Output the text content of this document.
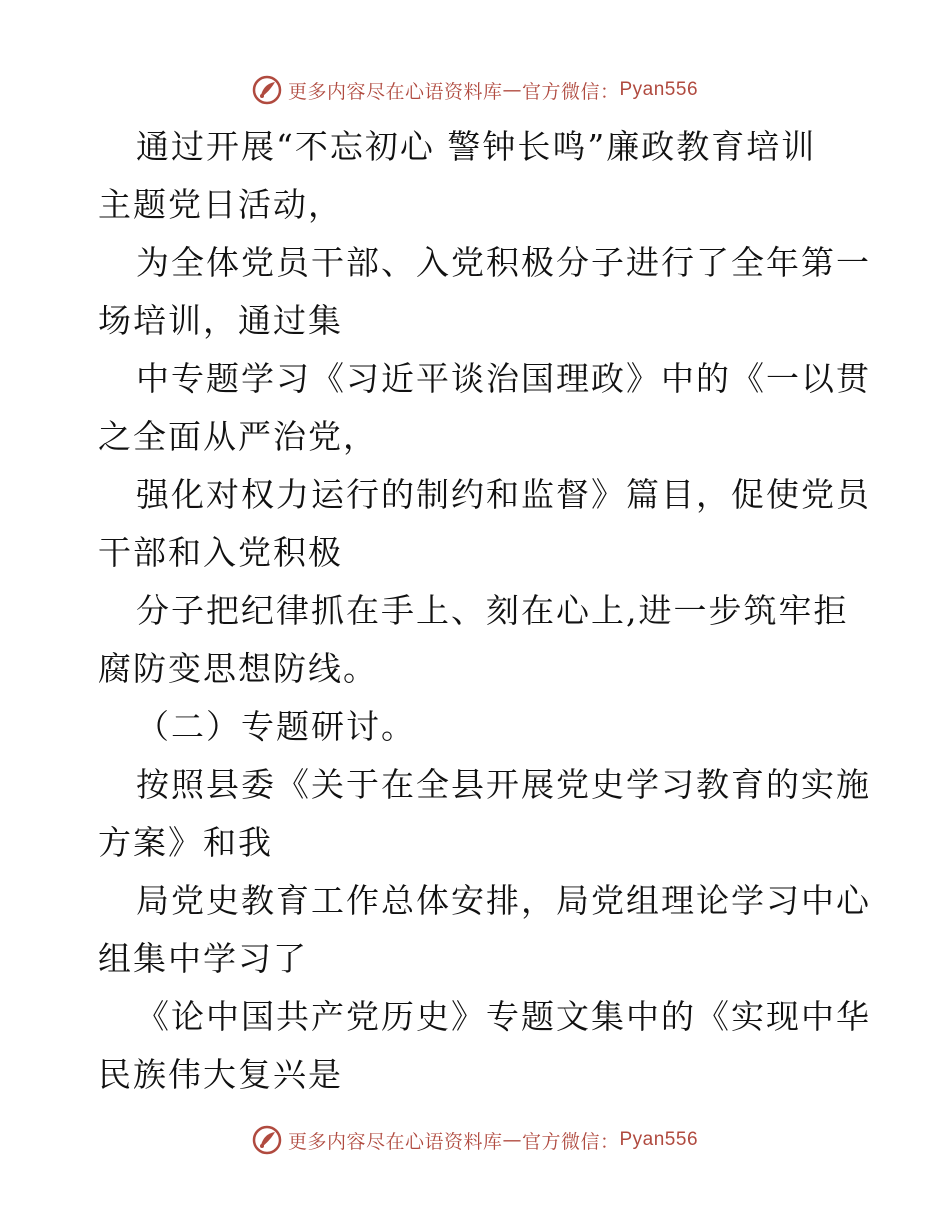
更多内容尽在心语资料库 — 官方微信： Pyan556
通过开展“不忘初心 警钟长鸣”廉政教育培训
主题党日活动，
为全体党员干部、入党积极分子进行了全年第一
场培训，通过集
中专题学习《习近平谈治国理政》中的《一以贯
之全面从严治党，
强化对权力运行的制约和监督》篇目，促使党员
干部和入党积极
分子把纪律抓在手上、刻在心上,进一步筑牢拒
腐防变思想防线。
（二）专题研讨。
按照县委《关于在全县开展党史学习教育的实施
方案》和我
局党史教育工作总体安排，局党组理论学习中心
组集中学习了
《论中国共产党历史》专题文集中的《实现中华
民族伟大复兴是
更多内容尽在心语资料库 — 官方微信： Pyan556
